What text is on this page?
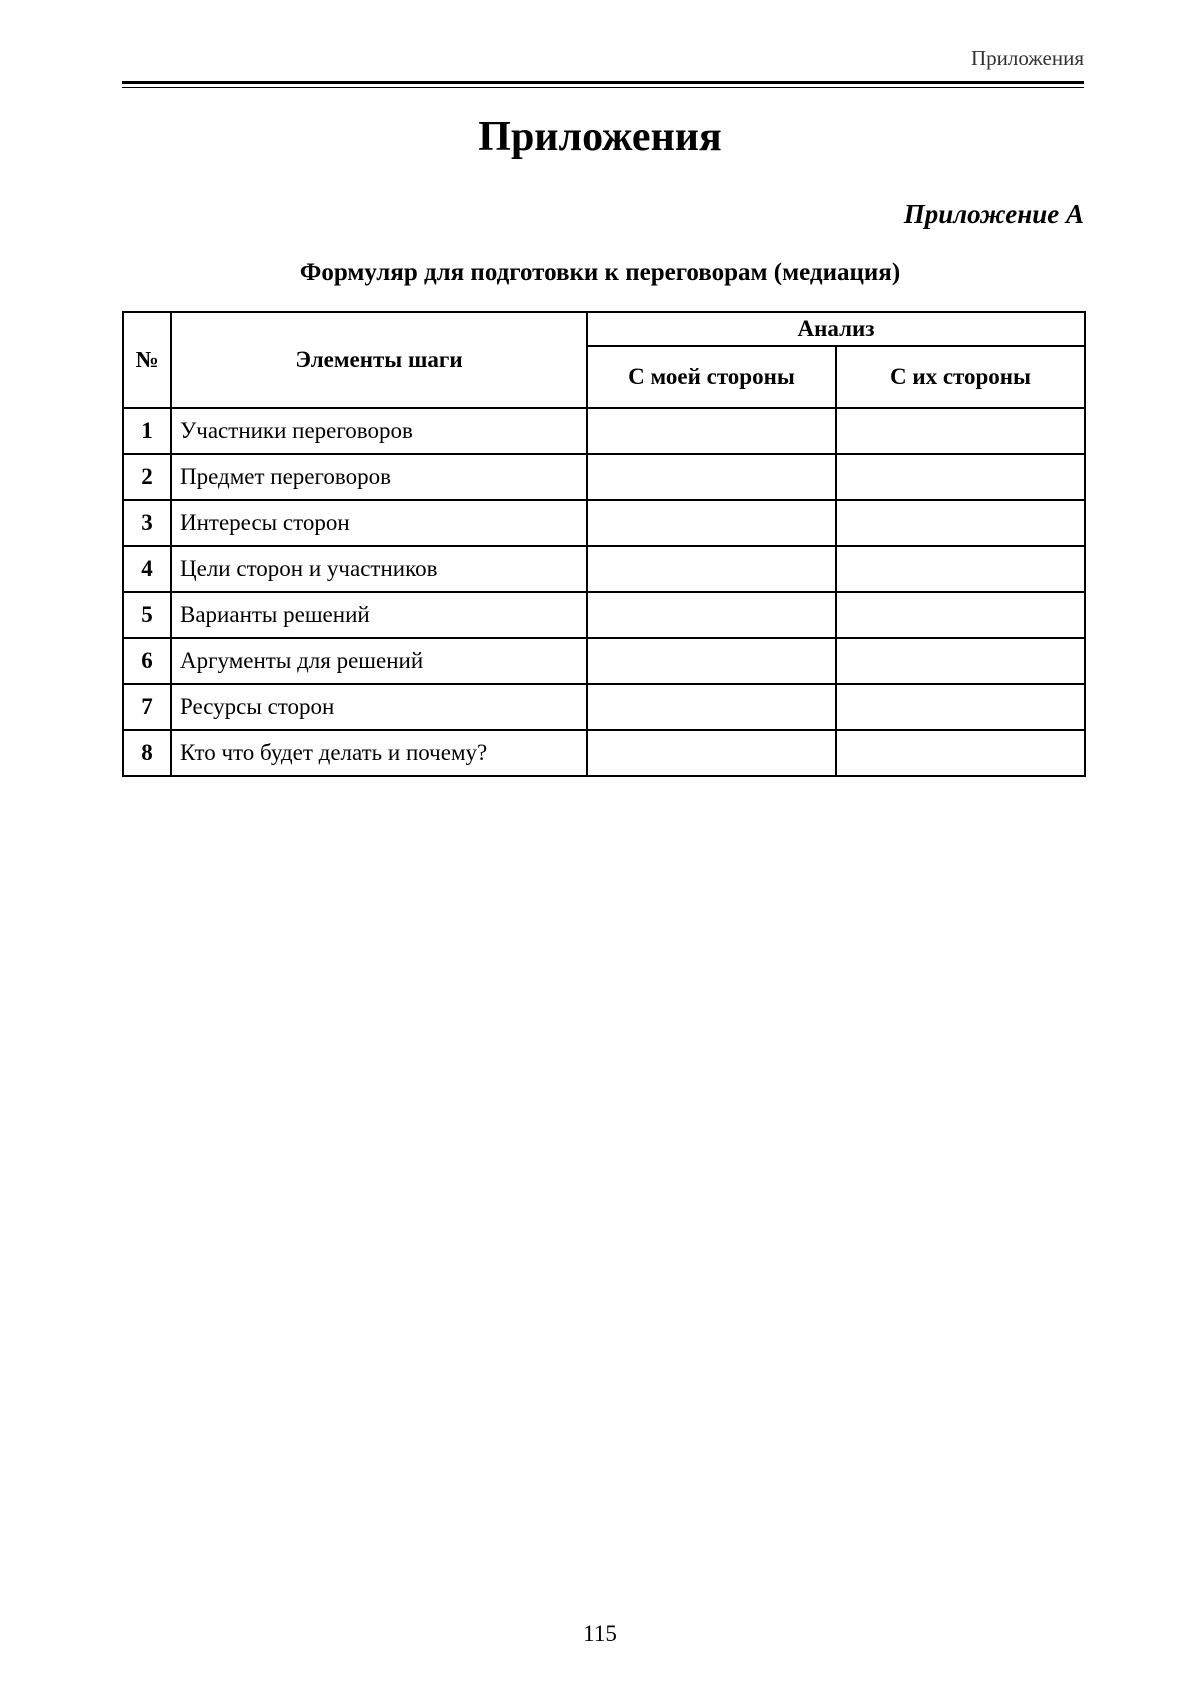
Приложения
Приложения
Приложение А
Формуляр для подготовки к переговорам (медиация)
№	Элементы шаги	Анализ	
		С моей стороны	С их стороны
1	Участники переговоров		
2	Предмет переговоров		
3	Интересы сторон		
4	Цели сторон и участников		
5	Варианты решений		
6	Аргументы для решений		
7	Ресурсы сторон		
8	Кто что будет делать и почему?		
115
